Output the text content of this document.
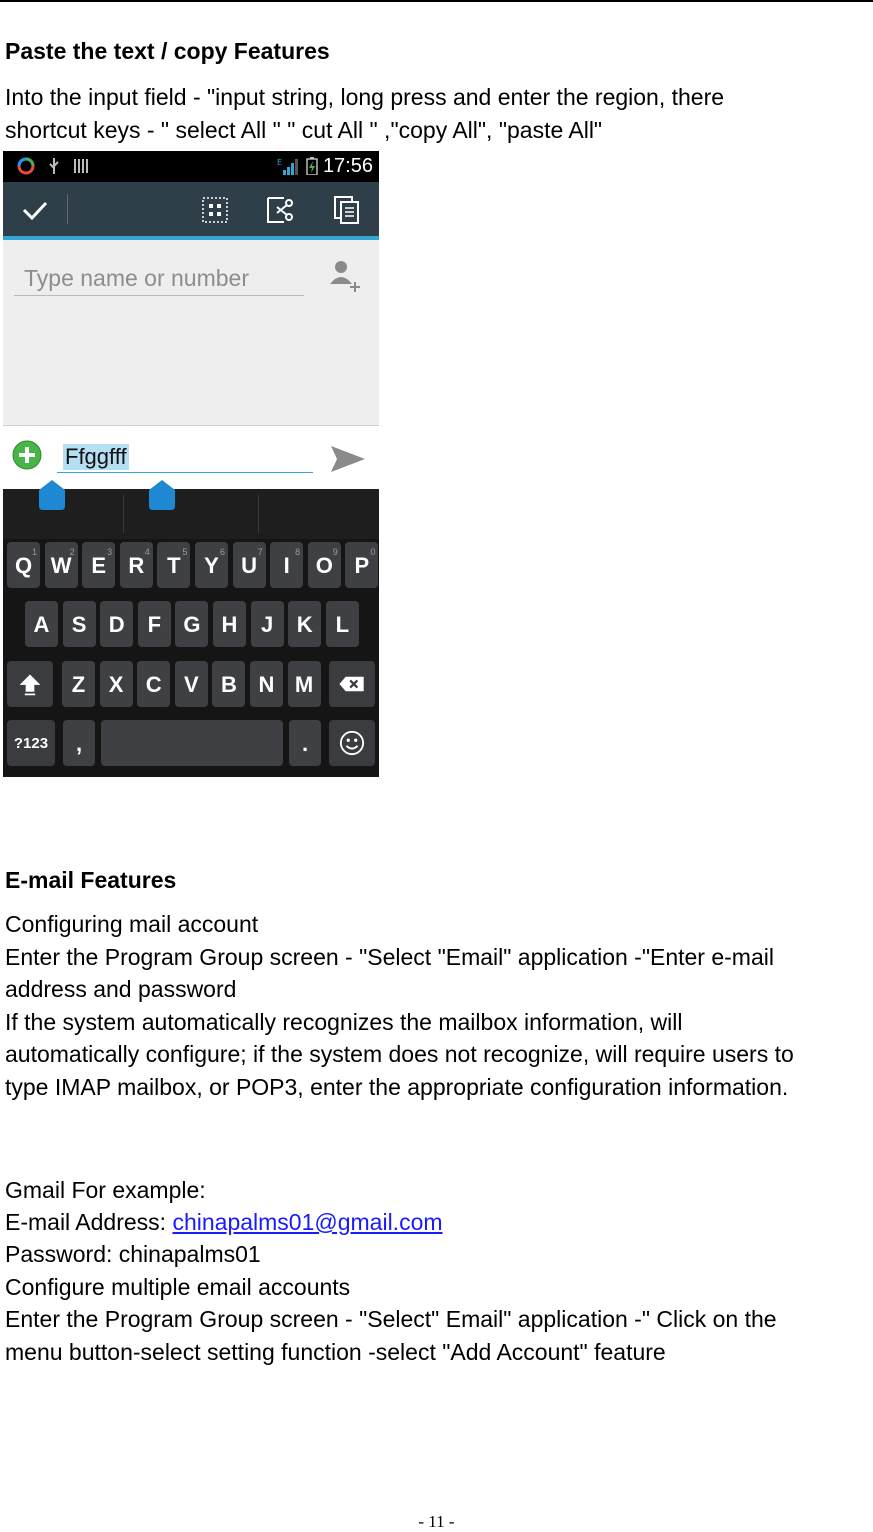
Paste the text / copy Features
Into the input field - "input string, long press and enter the region, there
shortcut keys - " select All " " cut All " ,"copy All", "paste All"
E 17:56
Type name or number
Ffggfff
Q
1
W
2
E
3
R
4
T
5
Y
6
U
7
I
8
O
9
P
0
A	S	D	F	G H	J	K	L
Z	X	C	V	B N M
?123	,	.
E-mail Features
Configuring mail account
Enter the Program Group screen - "Select "Email" application -"Enter e-mail
address and password
If the system automatically recognizes the mailbox information, will
automatically configure; if the system does not recognize, will require users to
type IMAP mailbox, or POP3, enter the appropriate configuration information.
Gmail For example:
E-mail Address: chinapalms01@gmail.com
Password: chinapalms01
Configure multiple email accounts
Enter the Program Group screen - "Select" Email" application -" Click on the
menu button-select setting function -select "Add Account" feature
- 11 -
